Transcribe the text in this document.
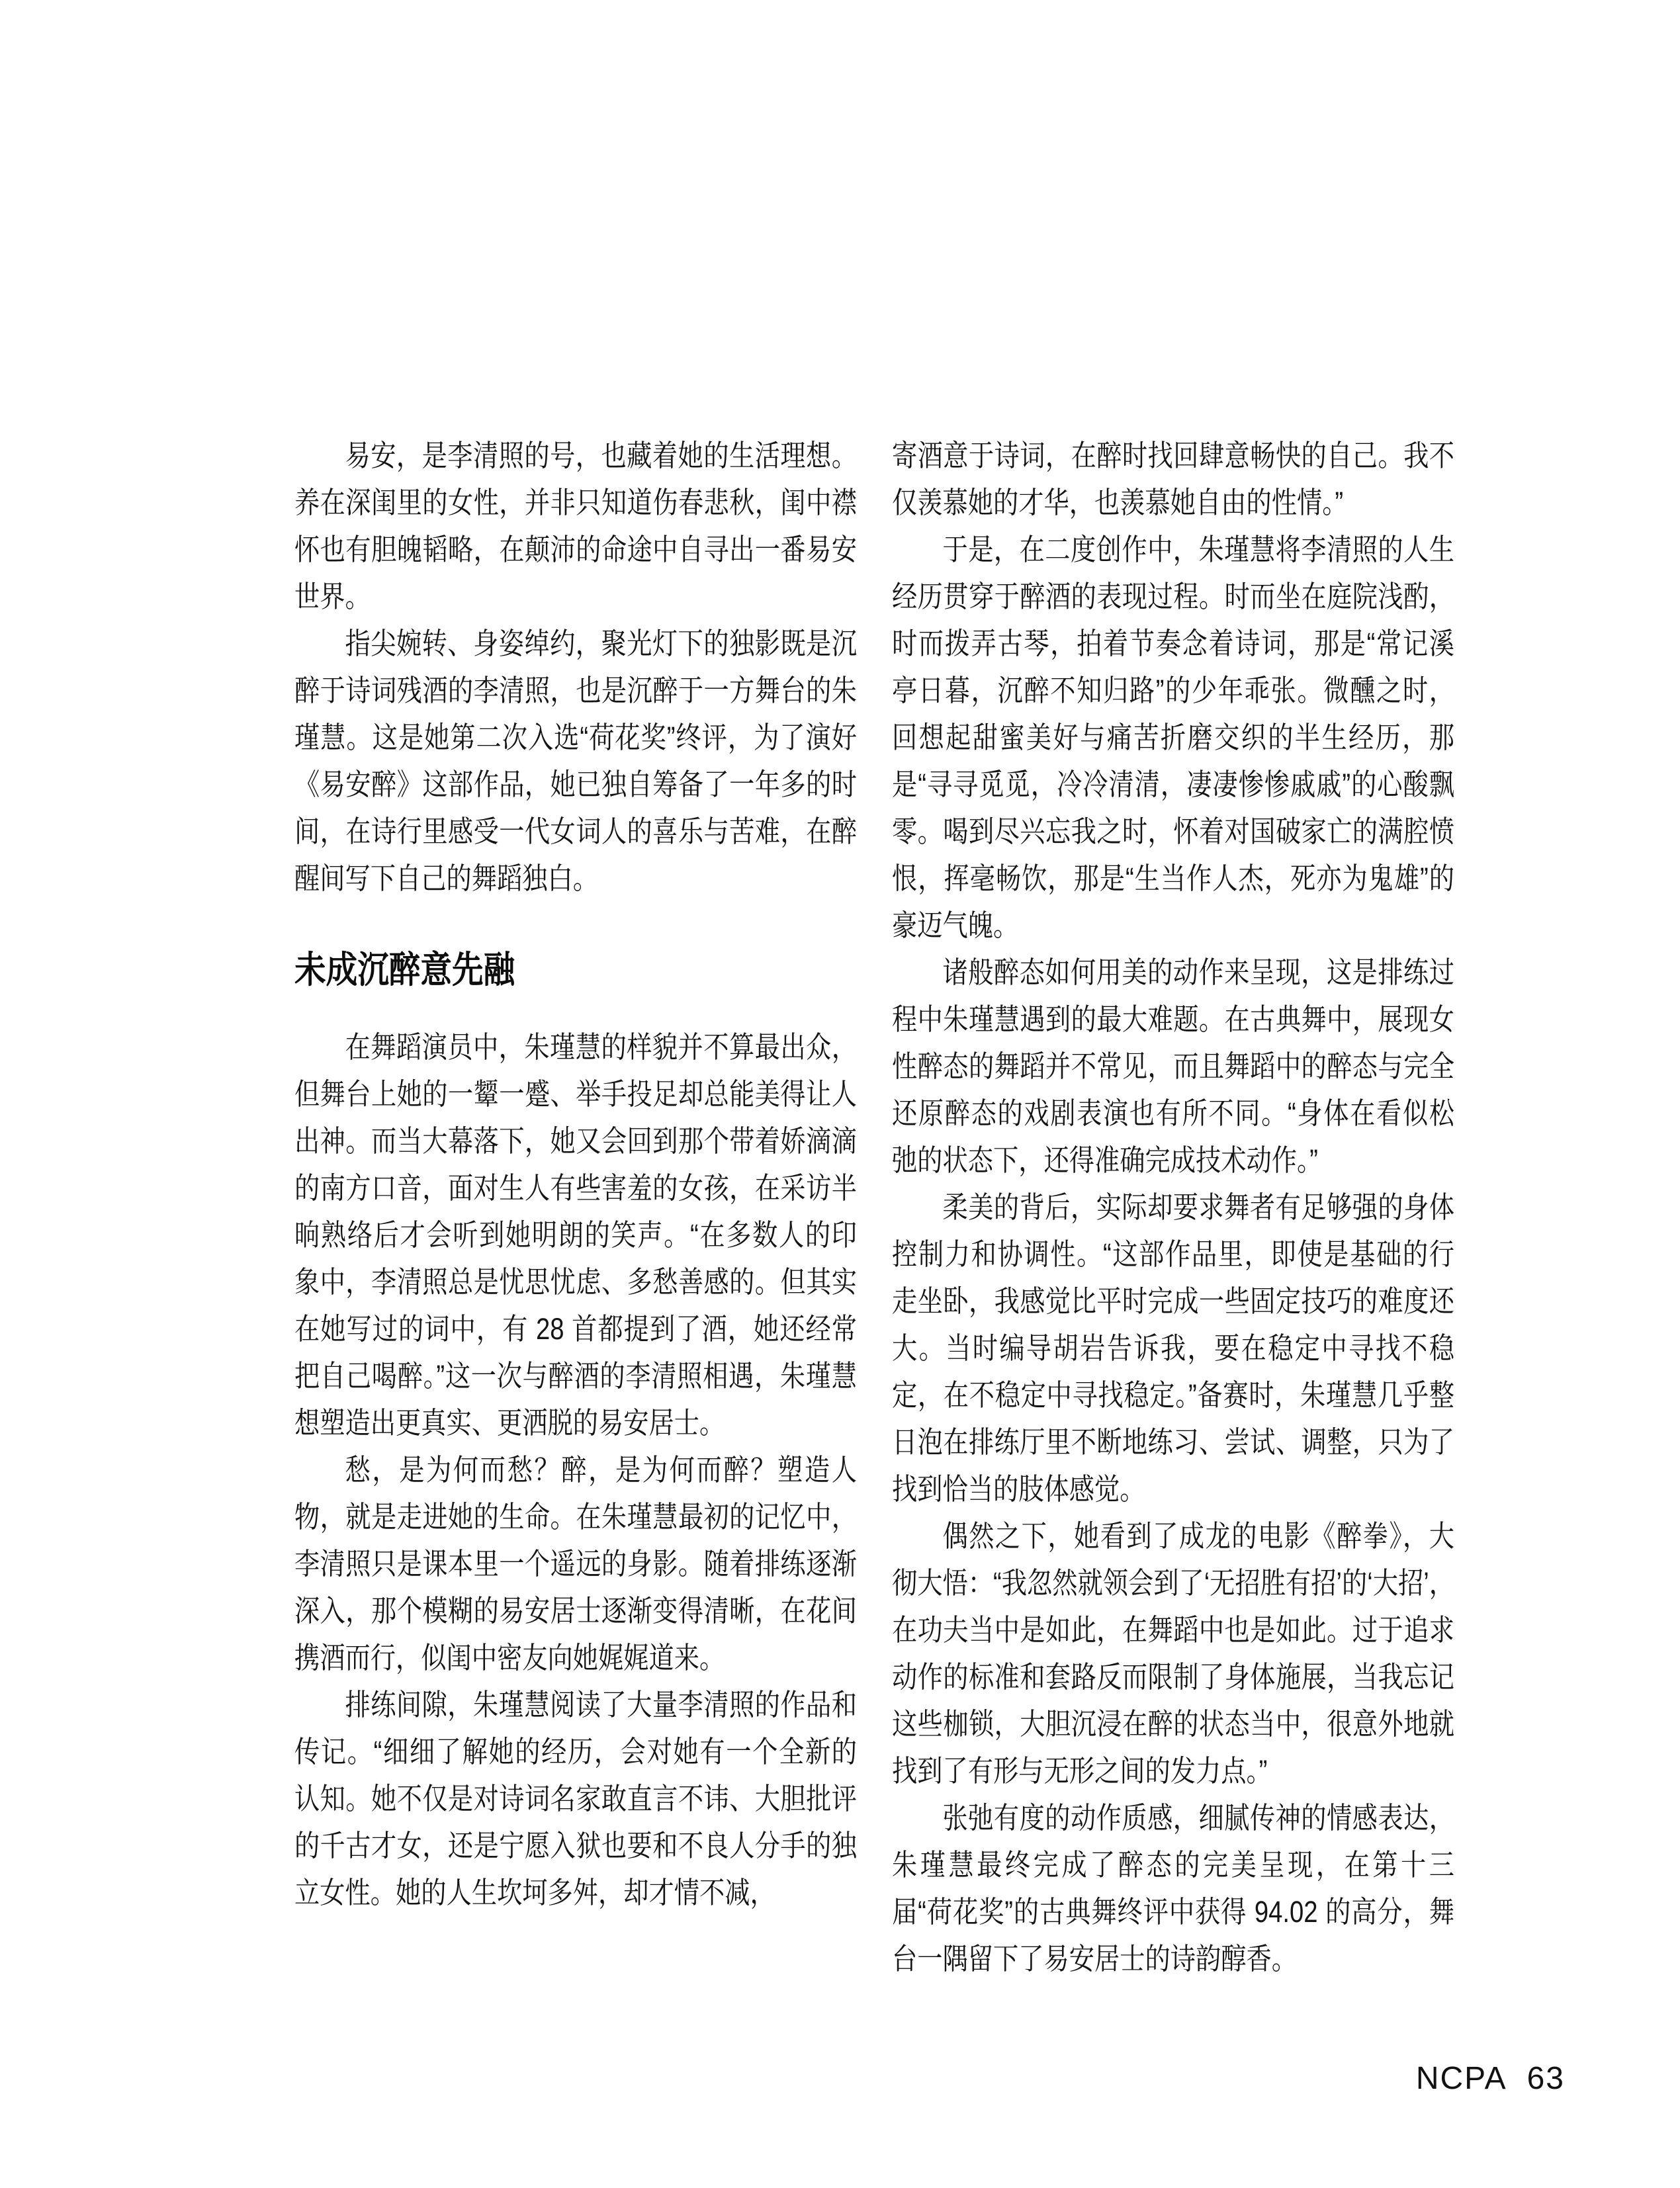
易安，是李清照的号，也藏着她的生活理想。养在深闺里的女性，并非只知道伤春悲秋，闺中襟怀也有胆魄韬略，在颠沛的命途中自寻出一番易安世界。

指尖婉转、身姿绰约，聚光灯下的独影既是沉醉于诗词残酒的李清照，也是沉醉于一方舞台的朱瑾慧。这是她第二次入选“荷花奖”终评，为了演好《易安醉》这部作品，她已独自筹备了一年多的时间，在诗行里感受一代女词人的喜乐与苦难，在醉醒间写下自己的舞蹈独白。

未成沉醉意先融

在舞蹈演员中，朱瑾慧的样貌并不算最出众，但舞台上她的一颦一蹙、举手投足却总能美得让人出神。而当大幕落下，她又会回到那个带着娇滴滴的南方口音，面对生人有些害羞的女孩，在采访半晌熟络后才会听到她明朗的笑声。“在多数人的印象中，李清照总是忧思忧虑、多愁善感的。但其实在她写过的词中，有 28 首都提到了酒，她还经常把自己喝醉。”这一次与醉酒的李清照相遇，朱瑾慧想塑造出更真实、更洒脱的易安居士。

愁，是为何而愁？醉，是为何而醉？塑造人物，就是走进她的生命。在朱瑾慧最初的记忆中，李清照只是课本里一个遥远的身影。随着排练逐渐深入，那个模糊的易安居士逐渐变得清晰，在花间携酒而行，似闺中密友向她娓娓道来。

排练间隙，朱瑾慧阅读了大量李清照的作品和传记。“细细了解她的经历，会对她有一个全新的认知。她不仅是对诗词名家敢直言不讳、大胆批评的千古才女，还是宁愿入狱也要和不良人分手的独立女性。她的人生坎坷多舛，却才情不减，

寄酒意于诗词，在醉时找回肆意畅快的自己。我不仅羡慕她的才华，也羡慕她自由的性情。”

于是，在二度创作中，朱瑾慧将李清照的人生经历贯穿于醉酒的表现过程。时而坐在庭院浅酌，时而拨弄古琴，拍着节奏念着诗词，那是“常记溪亭日暮，沉醉不知归路”的少年乖张。微醺之时，回想起甜蜜美好与痛苦折磨交织的半生经历，那是“寻寻觅觅，冷冷清清，凄凄惨惨戚戚”的心酸飘零。喝到尽兴忘我之时，怀着对国破家亡的满腔愤恨，挥毫畅饮，那是“生当作人杰，死亦为鬼雄”的豪迈气魄。

诸般醉态如何用美的动作来呈现，这是排练过程中朱瑾慧遇到的最大难题。在古典舞中，展现女性醉态的舞蹈并不常见，而且舞蹈中的醉态与完全还原醉态的戏剧表演也有所不同。“身体在看似松弛的状态下，还得准确完成技术动作。”

柔美的背后，实际却要求舞者有足够强的身体控制力和协调性。“这部作品里，即使是基础的行走坐卧，我感觉比平时完成一些固定技巧的难度还大。当时编导胡岩告诉我，要在稳定中寻找不稳定，在不稳定中寻找稳定。”备赛时，朱瑾慧几乎整日泡在排练厅里不断地练习、尝试、调整，只为了找到恰当的肢体感觉。

偶然之下，她看到了成龙的电影《醉拳》，大彻大悟：“我忽然就领会到了‘无招胜有招’的‘大招’，在功夫当中是如此，在舞蹈中也是如此。过于追求动作的标准和套路反而限制了身体施展，当我忘记这些枷锁，大胆沉浸在醉的状态当中，很意外地就找到了有形与无形之间的发力点。”

张弛有度的动作质感，细腻传神的情感表达，朱瑾慧最终完成了醉态的完美呈现，在第十三届“荷花奖”的古典舞终评中获得 94.02 的高分，舞台一隅留下了易安居士的诗韵醇香。

NCPA 63
